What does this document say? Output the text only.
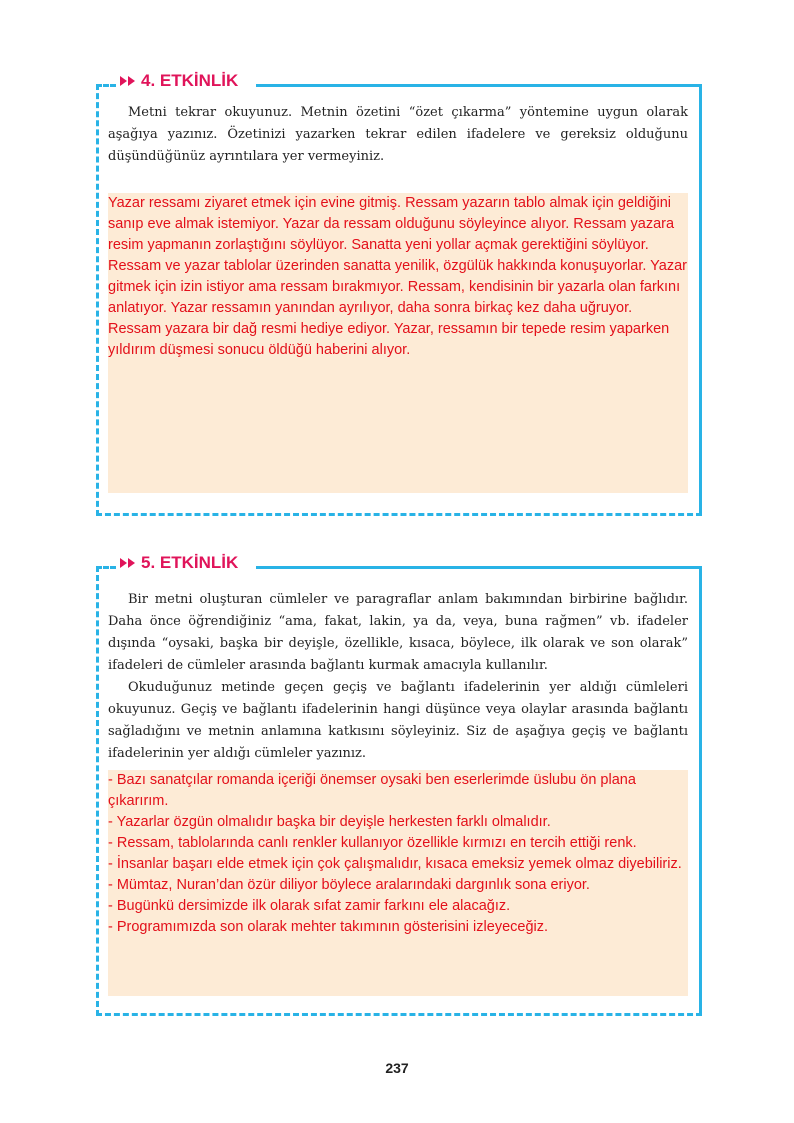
4. ETKİNLİK

Metni tekrar okuyunuz. Metnin özetini “özet çıkarma” yöntemine uygun olarak aşağıya yazınız. Özetinizi yazarken tekrar edilen ifadelere ve gereksiz olduğunu düşündüğünüz ayrıntılara yer vermeyiniz.

Yazar ressamı ziyaret etmek için evine gitmiş. Ressam yazarın tablo almak için geldiğini sanıp eve almak istemiyor. Yazar da ressam olduğunu söyleyince alıyor. Ressam yazara resim yapmanın zorlaştığını söylüyor. Sanatta yeni yollar açmak gerektiğini söylüyor. Ressam ve yazar tablolar üzerinden sanatta yenilik, özgülük hakkında konuşuyorlar. Yazar gitmek için izin istiyor ama ressam bırakmıyor. Ressam, kendisinin bir yazarla olan farkını anlatıyor. Yazar ressamın yanından ayrılıyor, daha sonra birkaç kez daha uğruyor. Ressam yazara bir dağ resmi hediye ediyor. Yazar, ressamın bir tepede resim yaparken yıldırım düşmesi sonucu öldüğü haberini alıyor.
5. ETKİNLİK

Bir metni oluşturan cümleler ve paragraflar anlam bakımından birbirine bağlıdır. Daha önce öğrendiğiniz “ama, fakat, lakin, ya da, veya, buna rağmen” vb. ifadeler dışında “oysaki, başka bir deyişle, özellikle, kısaca, böylece, ilk olarak ve son olarak” ifadeleri de cümleler arasında bağlantı kurmak amacıyla kullanılır.

Okuduğunuz metinde geçen geçiş ve bağlantı ifadelerinin yer aldığı cümleleri okuyunuz. Geçiş ve bağlantı ifadelerinin hangi düşünce veya olaylar arasında bağlantı sağladığını ve metnin anlamına katkısını söyleyiniz. Siz de aşağıya geçiş ve bağlantı ifadelerinin yer aldığı cümleler yazınız.

- Bazı sanatçılar romanda içeriği önemser oysaki ben eserlerimde üslubu ön plana çıkarırım.
- Yazarlar özgün olmalıdır başka bir deyişle herkesten farklı olmalıdır.
- Ressam, tablolarında canlı renkler kullanıyor özellikle kırmızı en tercih ettiği renk.
- İnsanlar başarı elde etmek için çok çalışmalıdır, kısaca emeksiz yemek olmaz diyebiliriz.
- Mümtaz, Nuran’dan özür diliyor böylece aralarındaki dargınlık sona eriyor.
- Bugünkü dersimizde ilk olarak sıfat zamir farkını ele alacağız.
- Programımızda son olarak mehter takımının gösterisini izleyeceğiz.
237
